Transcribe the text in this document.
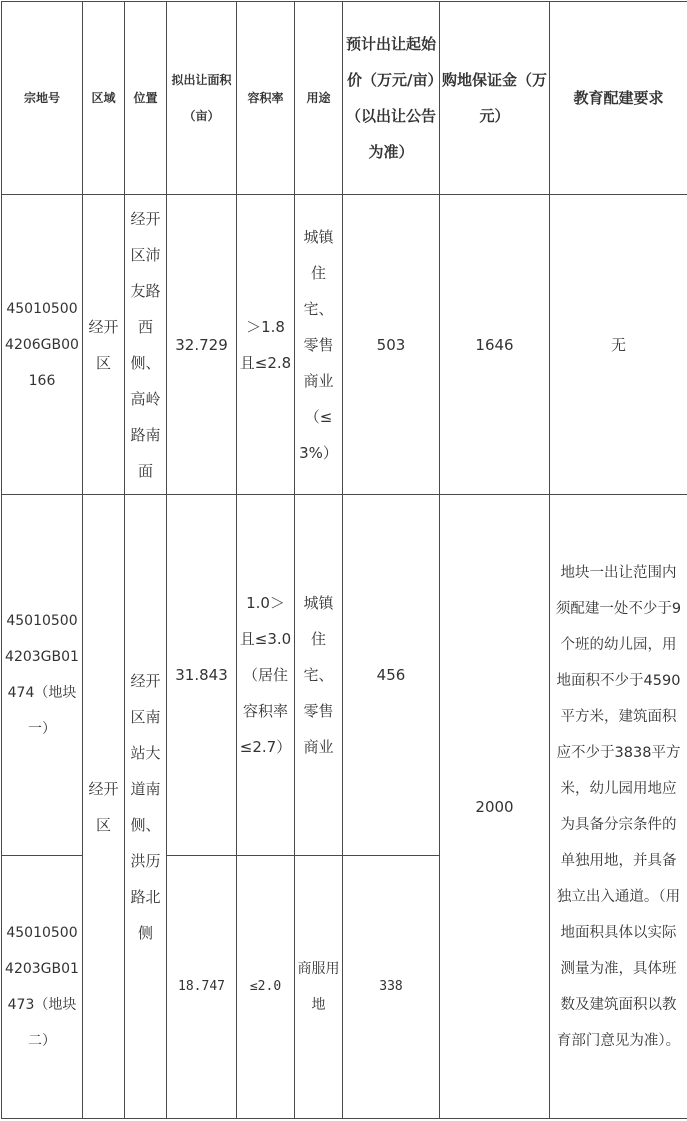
宗地号	区域	位置	拟出让面积（亩）	容积率	用途	预计出让起始价（万元/亩）（以出让公告为准）	购地保证金（万元）	教育配建要求
450105004206GB00166	经开区	经开区沛友路西侧、高岭路南面	32.729	＞1.8且≤2.8	城镇住宅、零售商业（≤3%）	503	1646	无
450105004203GB01474（地块一）	经开区	经开区南站大道南侧、洪历路北侧	31.843	1.0＞且≤3.0（居住容积率≤2.7）	城镇住宅、零售商业	456	2000	地块一出让范围内须配建一处不少于9个班的幼儿园，用地面积不少于4590平方米，建筑面积应不少于3838平方米，幼儿园用地应为具备分宗条件的单独用地，并具备独立出入通道。（用地面积具体以实际测量为准，具体班数及建筑面积以教育部门意见为准）。
450105004203GB01473（地块二）			18.747	≤2.0	商服用地	338		
